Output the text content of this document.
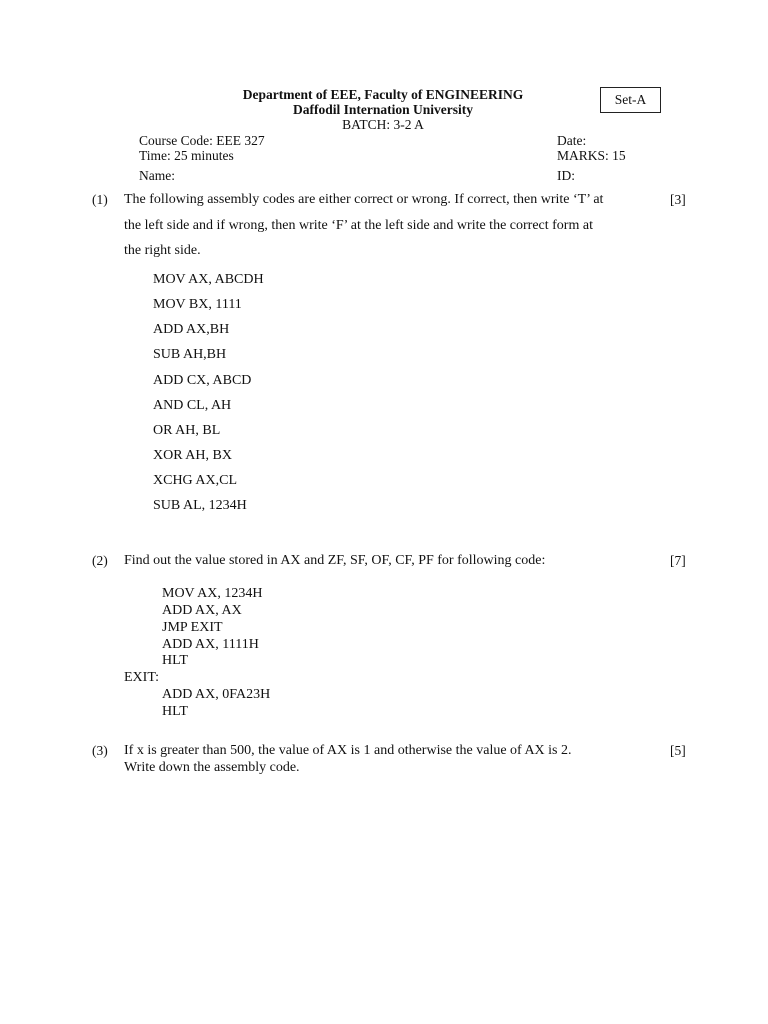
Department of EEE, Faculty of ENGINEERING
Daffodil Internation University
BATCH: 3-2 A
Set-A
Course Code: EEE 327
Time: 25 minutes
Name:
Date:
MARKS: 15
ID:
(1) The following assembly codes are either correct or wrong. If correct, then write ‘T’ at
the left side and if wrong, then write ‘F’ at the left side and write the correct form at
the right side.
[3]
MOV AX, ABCDH
MOV BX, 1111
ADD AX,BH
SUB AH,BH
ADD CX, ABCD
AND CL, AH
OR AH, BL
XOR AH, BX
XCHG AX,CL
SUB AL, 1234H
(2) Find out the value stored in AX and ZF, SF, OF, CF, PF for following code:	[7]
MOV AX, 1234H
ADD AX, AX
JMP EXIT
ADD AX, 1111H
HLT
EXIT:
ADD AX, 0FA23H
HLT
(3) If x is greater than 500, the value of AX is 1 and otherwise the value of AX is 2.
Write down the assembly code.
[5]
